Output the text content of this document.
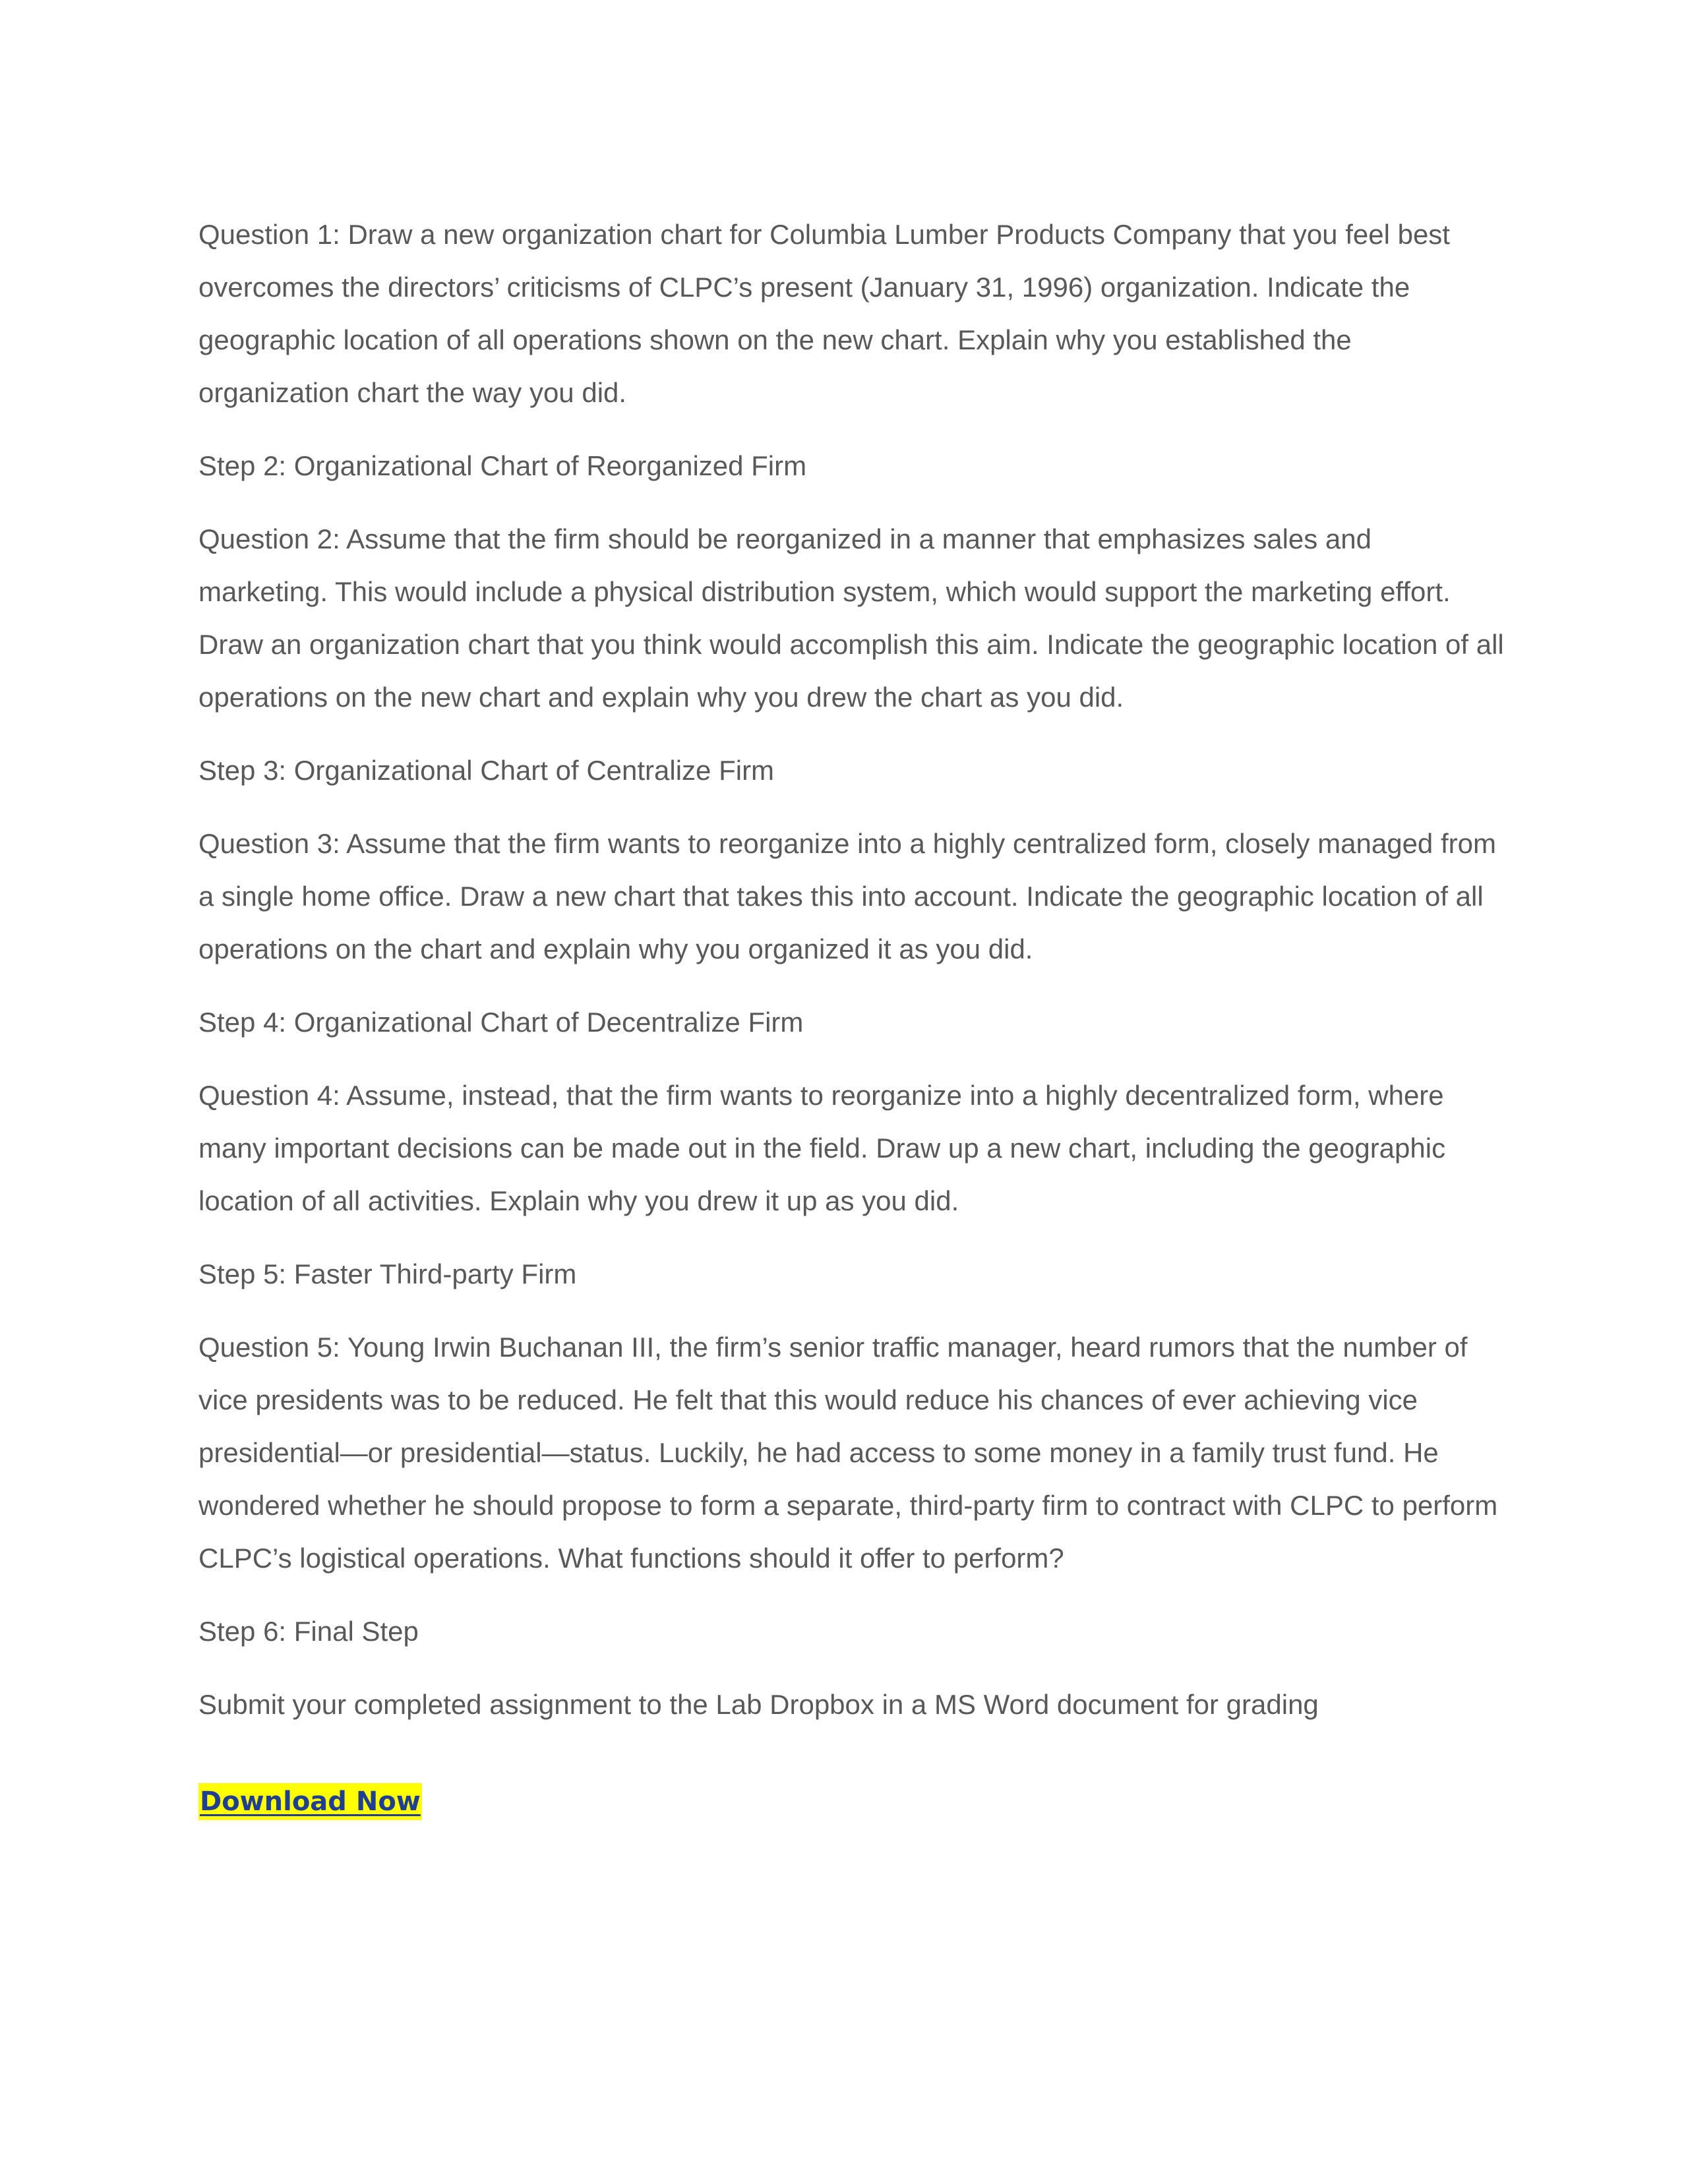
Question 1: Draw a new organization chart for Columbia Lumber Products Company that you feel best overcomes the directors’ criticisms of CLPC’s present (January 31, 1996) organization. Indicate the geographic location of all operations shown on the new chart. Explain why you established the organization chart the way you did.

Step 2: Organizational Chart of Reorganized Firm

Question 2: Assume that the firm should be reorganized in a manner that emphasizes sales and marketing. This would include a physical distribution system, which would support the marketing effort. Draw an organization chart that you think would accomplish this aim. Indicate the geographic location of all operations on the new chart and explain why you drew the chart as you did.

Step 3: Organizational Chart of Centralize Firm

Question 3: Assume that the firm wants to reorganize into a highly centralized form, closely managed from a single home office. Draw a new chart that takes this into account. Indicate the geographic location of all operations on the chart and explain why you organized it as you did.

Step 4: Organizational Chart of Decentralize Firm

Question 4: Assume, instead, that the firm wants to reorganize into a highly decentralized form, where many important decisions can be made out in the field. Draw up a new chart, including the geographic location of all activities. Explain why you drew it up as you did.

Step 5: Faster Third-party Firm

Question 5: Young Irwin Buchanan III, the firm’s senior traffic manager, heard rumors that the number of vice presidents was to be reduced. He felt that this would reduce his chances of ever achieving vice presidential—or presidential—status. Luckily, he had access to some money in a family trust fund. He wondered whether he should propose to form a separate, third-party firm to contract with CLPC to perform CLPC’s logistical operations. What functions should it offer to perform?

Step 6: Final Step

Submit your completed assignment to the Lab Dropbox in a MS Word document for grading

Download Now
